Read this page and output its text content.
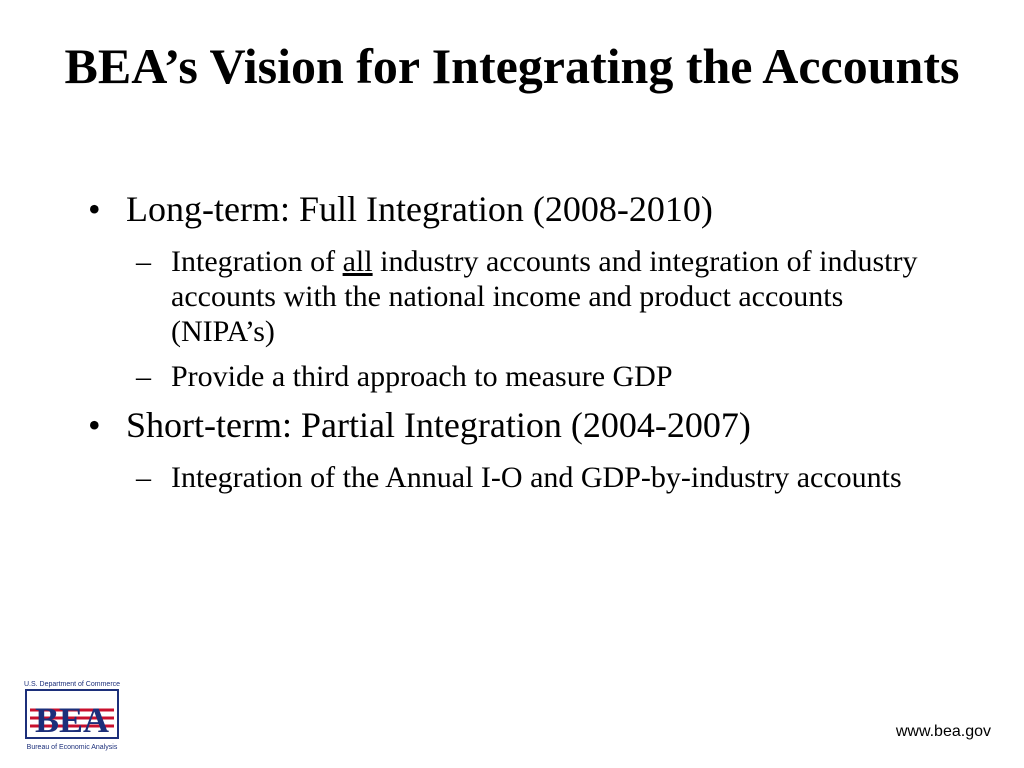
BEA’s Vision for Integrating the Accounts
• Long-term: Full Integration (2008-2010)
– Integration of all industry accounts and integration of industry accounts with the national income and product accounts (NIPA’s)
– Provide a third approach to measure GDP
• Short-term: Partial Integration (2004-2007)
– Integration of the Annual I-O and GDP-by-industry accounts
U.S. Department of Commerce
BEA
Bureau of Economic Analysis
www.bea.gov
